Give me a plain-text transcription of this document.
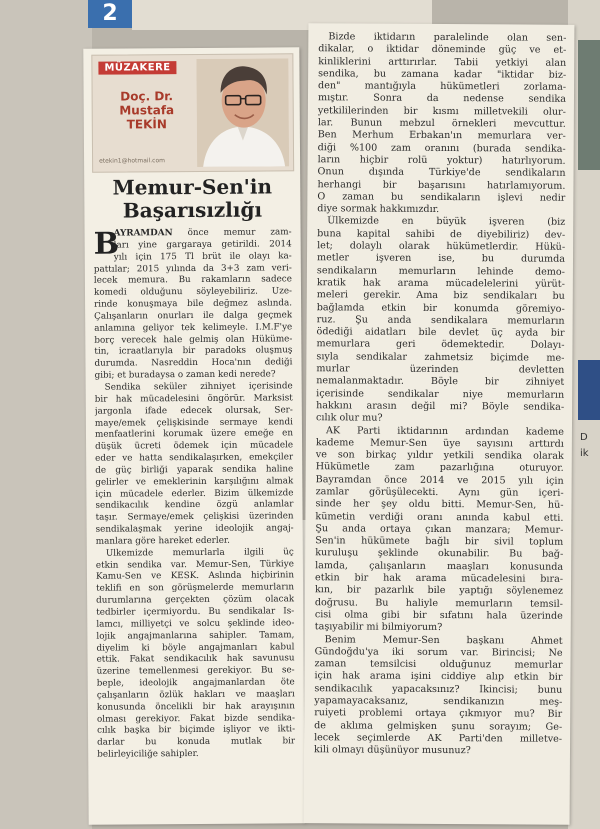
2
D
ik
MÜZAKERE
Doç. Dr.
Mustafa
TEKİN
etekin1@hotmail.com
Memur-Sen'in
Başarısızlığı
B
AYRAMDAN önce memur zam-
ları yine gargaraya getirildi. 2014
yılı için 175 Tl brüt ile olayı ka-
pattılar; 2015 yılında da 3+3 zam veri-
lecek memura. Bu rakamların sadece
komedi olduğunu söyleyebiliriz. Üze-
rinde konuşmaya bile değmez aslında.
Çalışanların onurları ile dalga geçmek
anlamına geliyor tek kelimeyle. I.M.F'ye
borç verecek hale gelmiş olan Hüküme-
tin, icraatlarıyla bir paradoks oluşmuş
durumda. Nasreddin Hoca'nın dediği
gibi; et buradaysa o zaman kedi nerede?
Sendika seküler zihniyet içerisinde
bir hak mücadelesini öngörür. Marksist
jargonla ifade edecek olursak, Ser-
maye/emek çelişkisinde sermaye kendi
menfaatlerini korumak üzere emeğe en
düşük ücreti ödemek için mücadele
eder ve hatta sendikalaşırken, emekçiler
de güç birliği yaparak sendika haline
gelirler ve emeklerinin karşılığını almak
için mücadele ederler. Bizim ülkemizde
sendikacılık kendine özgü anlamlar
taşır. Sermaye/emek çelişkisi üzerinden
sendikalaşmak yerine ideolojik angaj-
manlara göre hareket ederler.
Ülkemizde memurlarla ilgili üç
etkin sendika var. Memur-Sen, Türkiye
Kamu-Sen ve KESK. Aslında hiçbirinin
teklifi en son görüşmelerde memurların
durumlarına gerçekten çözüm olacak
tedbirler içermiyordu. Bu sendikalar İs-
lamcı, milliyetçi ve solcu şeklinde ideo-
lojik angajmanlarına sahipler. Tamam,
diyelim ki böyle angajmanları kabul
ettik. Fakat sendikacılık hak savunusu
üzerine temellenmesi gerekiyor. Bu se-
beple, ideolojik angajmanlardan öte
çalışanların özlük hakları ve maaşları
konusunda öncelikli bir hak arayışının
olması gerekiyor. Fakat bizde sendika-
cılık başka bir biçimde işliyor ve ikti-
darlar bu konuda mutlak bir
belirleyiciliğe sahipler.
Bizde iktidarın paralelinde olan sen-
dikalar, o iktidar döneminde güç ve et-
kinliklerini arttırırlar. Tabii yetkiyi alan
sendika, bu zamana kadar "iktidar biz-
den" mantığıyla hükümetleri zorlama-
mıştır. Sonra da nedense sendika
yetkililerinden bir kısmı milletvekili olur-
lar. Bunun mebzul örnekleri mevcuttur.
Ben Merhum Erbakan'ın memurlara ver-
diği %100 zam oranını (burada sendika-
ların hiçbir rolü yoktur) hatırlıyorum.
Onun dışında Türkiye'de sendikaların
herhangi bir başarısını hatırlamıyorum.
O zaman bu sendikaların işlevi nedir
diye sormak hakkımızdır.
Ülkemizde en büyük işveren (biz
buna kapital sahibi de diyebiliriz) dev-
let; dolaylı olarak hükümetlerdir. Hükü-
metler işveren ise, bu durumda
sendikaların memurların lehinde demo-
kratik hak arama mücadelelerini yürüt-
meleri gerekir. Ama biz sendikaları bu
bağlamda etkin bir konumda göremiyo-
ruz. Şu anda sendikalara memurların
ödediği aidatları bile devlet üç ayda bir
memurlara geri ödemektedir. Dolayı-
sıyla sendikalar zahmetsiz biçimde me-
murlar üzerinden devletten
nemalanmaktadır. Böyle bir zihniyet
içerisinde sendikalar niye memurların
hakkını arasın değil mi? Böyle sendika-
cılık olur mu?
AK Parti iktidarının ardından kademe
kademe Memur-Sen üye sayısını arttırdı
ve son birkaç yıldır yetkili sendika olarak
Hükümetle zam pazarlığına oturuyor.
Bayramdan önce 2014 ve 2015 yılı için
zamlar görüşülecekti. Aynı gün içeri-
sinde her şey oldu bitti. Memur-Sen, hü-
kümetin verdiği oranı anında kabul etti.
Şu anda ortaya çıkan manzara; Memur-
Sen'in hükümete bağlı bir sivil toplum
kuruluşu şeklinde okunabilir. Bu bağ-
lamda, çalışanların maaşları konusunda
etkin bir hak arama mücadelesini bıra-
kın, bir pazarlık bile yaptığı söylenemez
doğrusu. Bu haliyle memurların temsil-
cisi olma gibi bir sıfatını hala üzerinde
taşıyabilir mi bilmiyorum?
Benim Memur-Sen başkanı Ahmet
Gündoğdu'ya iki sorum var. Birincisi; Ne
zaman temsilcisi olduğunuz memurlar
için hak arama işini ciddiye alıp etkin bir
sendikacılık yapacaksınız? İkincisi; bunu
yapamayacaksanız, sendikanızın meş-
ruiyeti problemi ortaya çıkmıyor mu? Bir
de aklıma gelmişken şunu sorayım; Ge-
lecek seçimlerde AK Parti'den milletve-
kili olmayı düşünüyor musunuz?
